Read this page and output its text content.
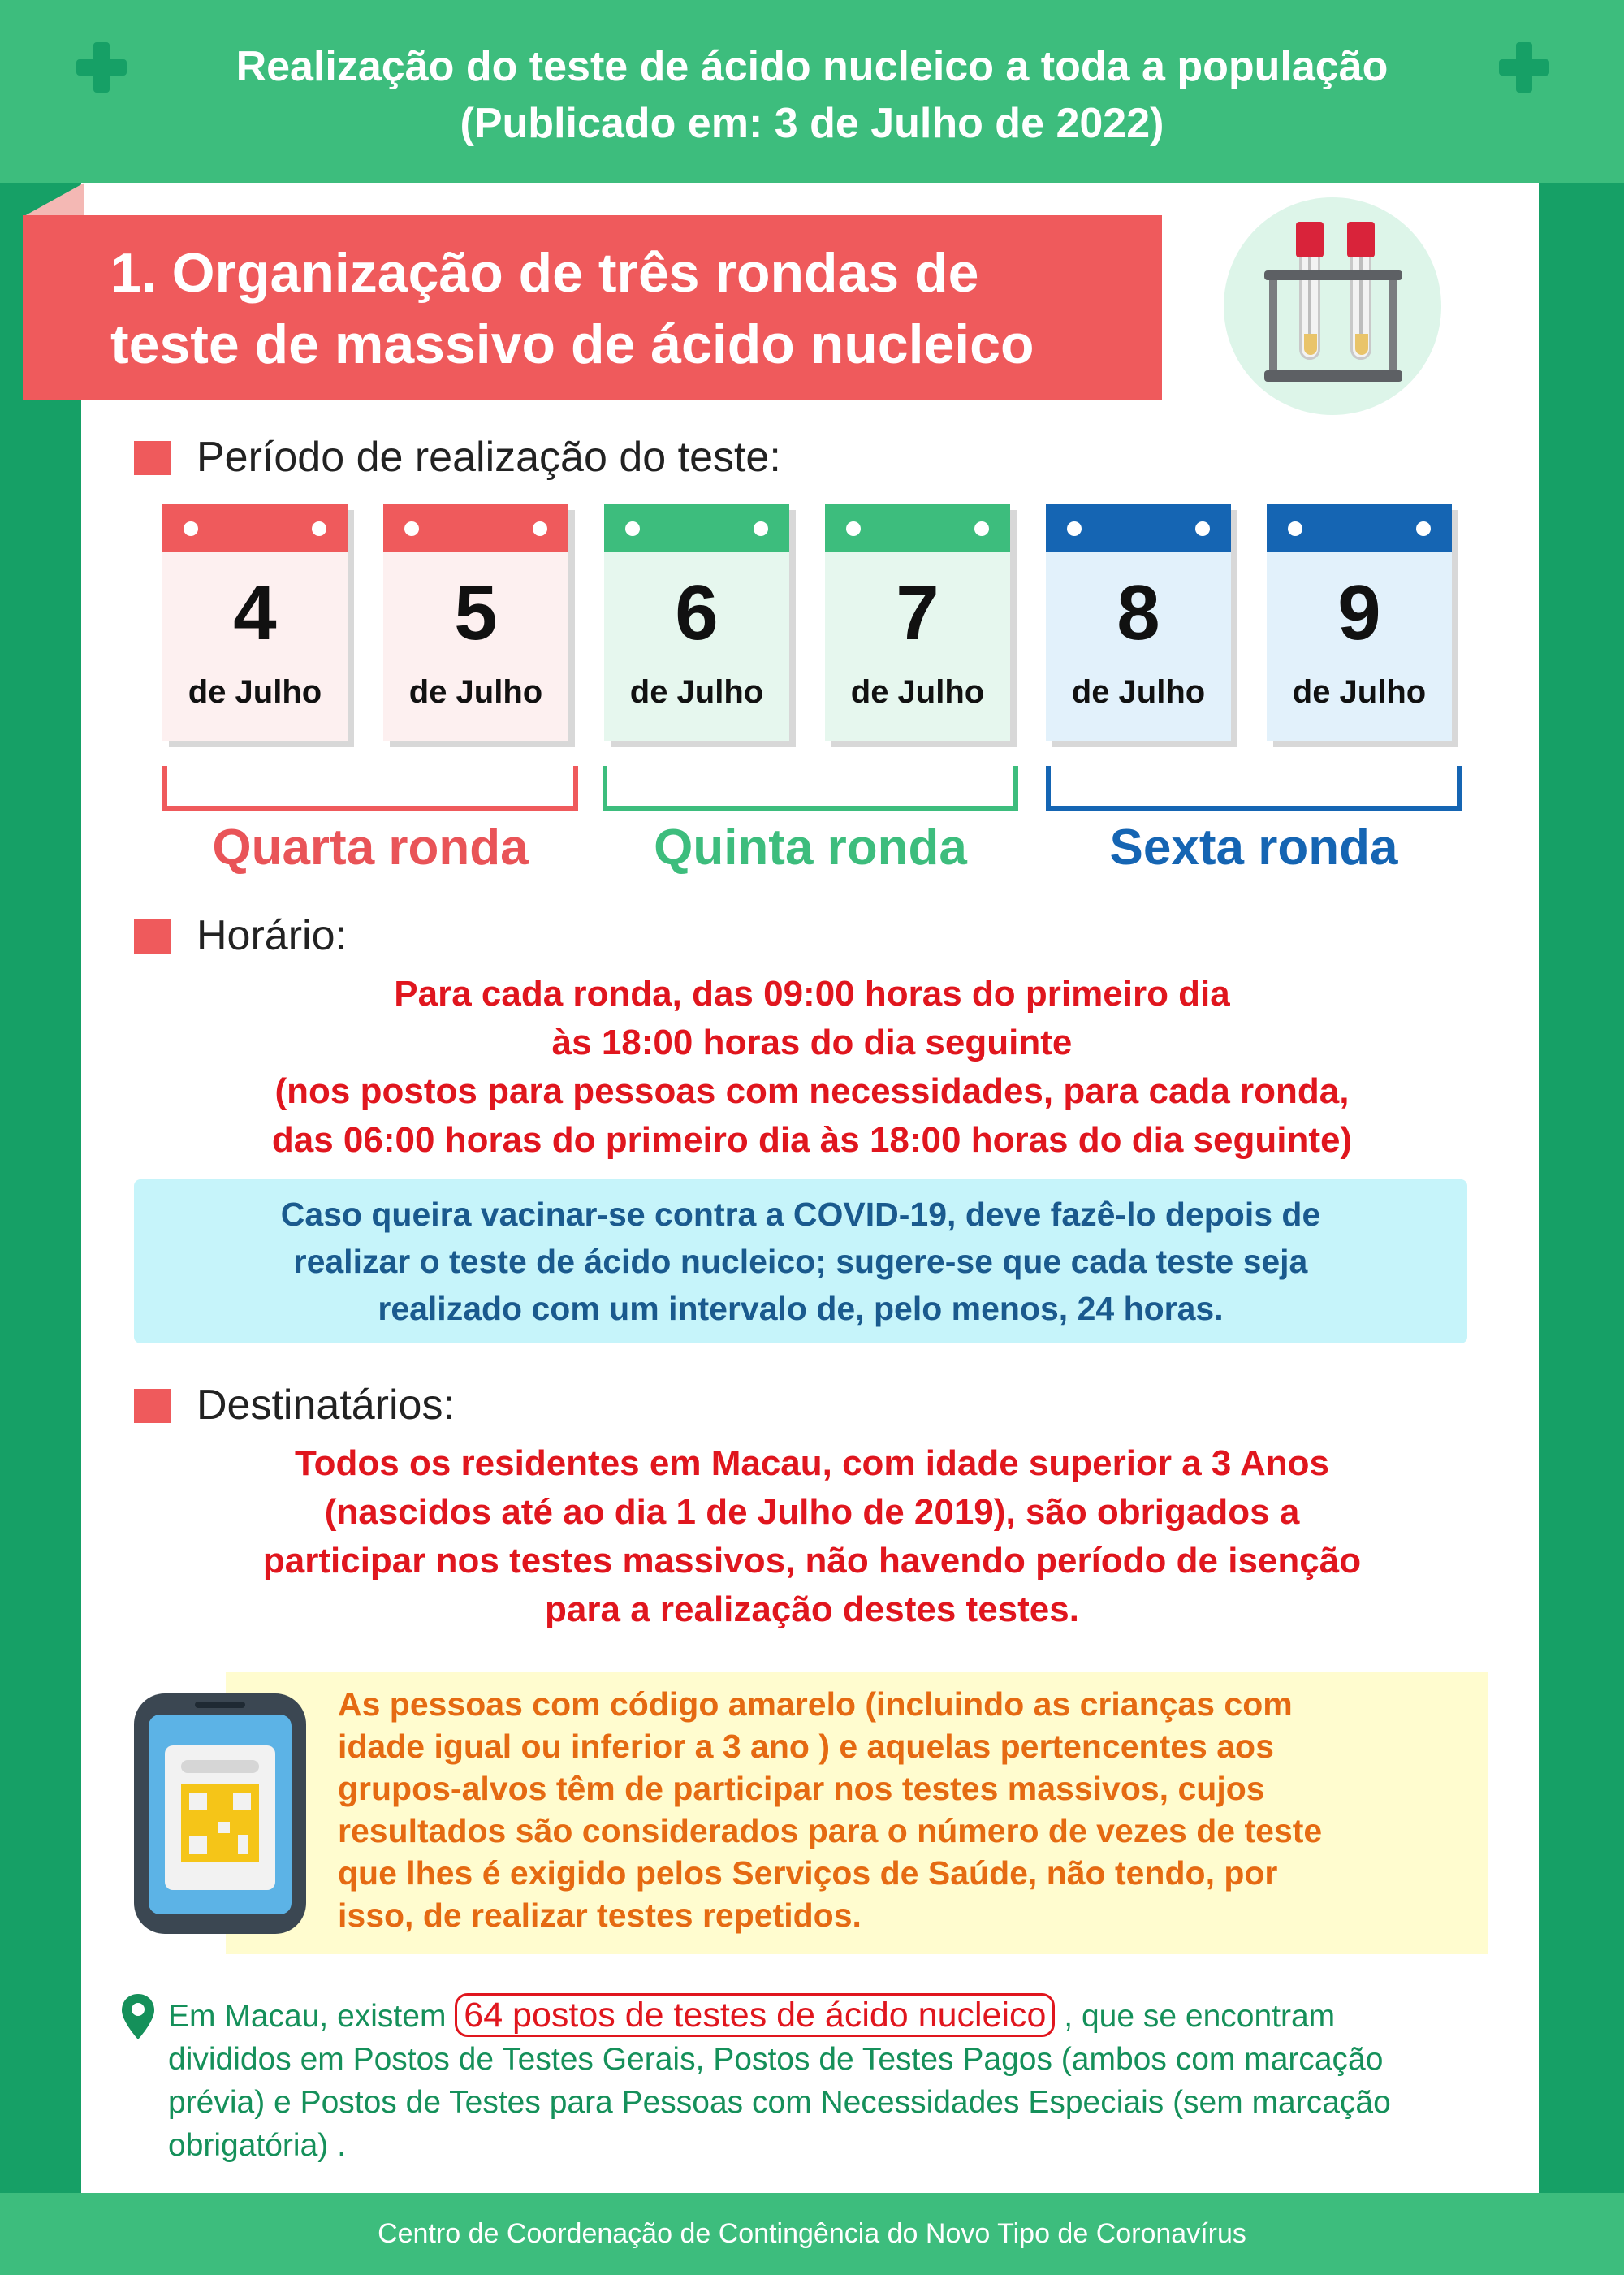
Realização do teste de ácido nucleico a toda a população
(Publicado em: 3 de Julho de 2022)
1. Organização de três rondas de
teste de massivo de ácido nucleico
Período de realização do teste:
4
de Julho
5
de Julho
6
de Julho
7
de Julho
8
de Julho
9
de Julho
Quarta ronda	Quinta ronda	Sexta ronda
Horário:
Para cada ronda, das 09:00 horas do primeiro dia
às 18:00 horas do dia seguinte
(nos postos para pessoas com necessidades, para cada ronda,
das 06:00 horas do primeiro dia às 18:00 horas do dia seguinte)
Caso queira vacinar-se contra a COVID-19, deve fazê-lo depois de
realizar o teste de ácido nucleico; sugere-se que cada teste seja
realizado com um intervalo de, pelo menos, 24 horas.
Destinatários:
Todos os residentes em Macau, com idade superior a 3 Anos
(nascidos até ao dia 1 de Julho de 2019), são obrigados a
participar nos testes massivos, não havendo período de isenção
para a realização destes testes.
As pessoas com código amarelo (incluindo as crianças com
idade igual ou inferior a 3 ano ) e aquelas pertencentes aos
grupos-alvos têm de participar nos testes massivos, cujos
resultados são considerados para o número de vezes de teste
que lhes é exigido pelos Serviços de Saúde, não tendo, por
isso, de realizar testes repetidos.
Em Macau, existem 64 postos de testes de ácido nucleico , que se encontram
divididos em Postos de Testes Gerais, Postos de Testes Pagos (ambos com marcação
prévia) e Postos de Testes para Pessoas com Necessidades Especiais (sem marcação
obrigatória) .
Centro de Coordenação de Contingência do Novo Tipo de Coronavírus
